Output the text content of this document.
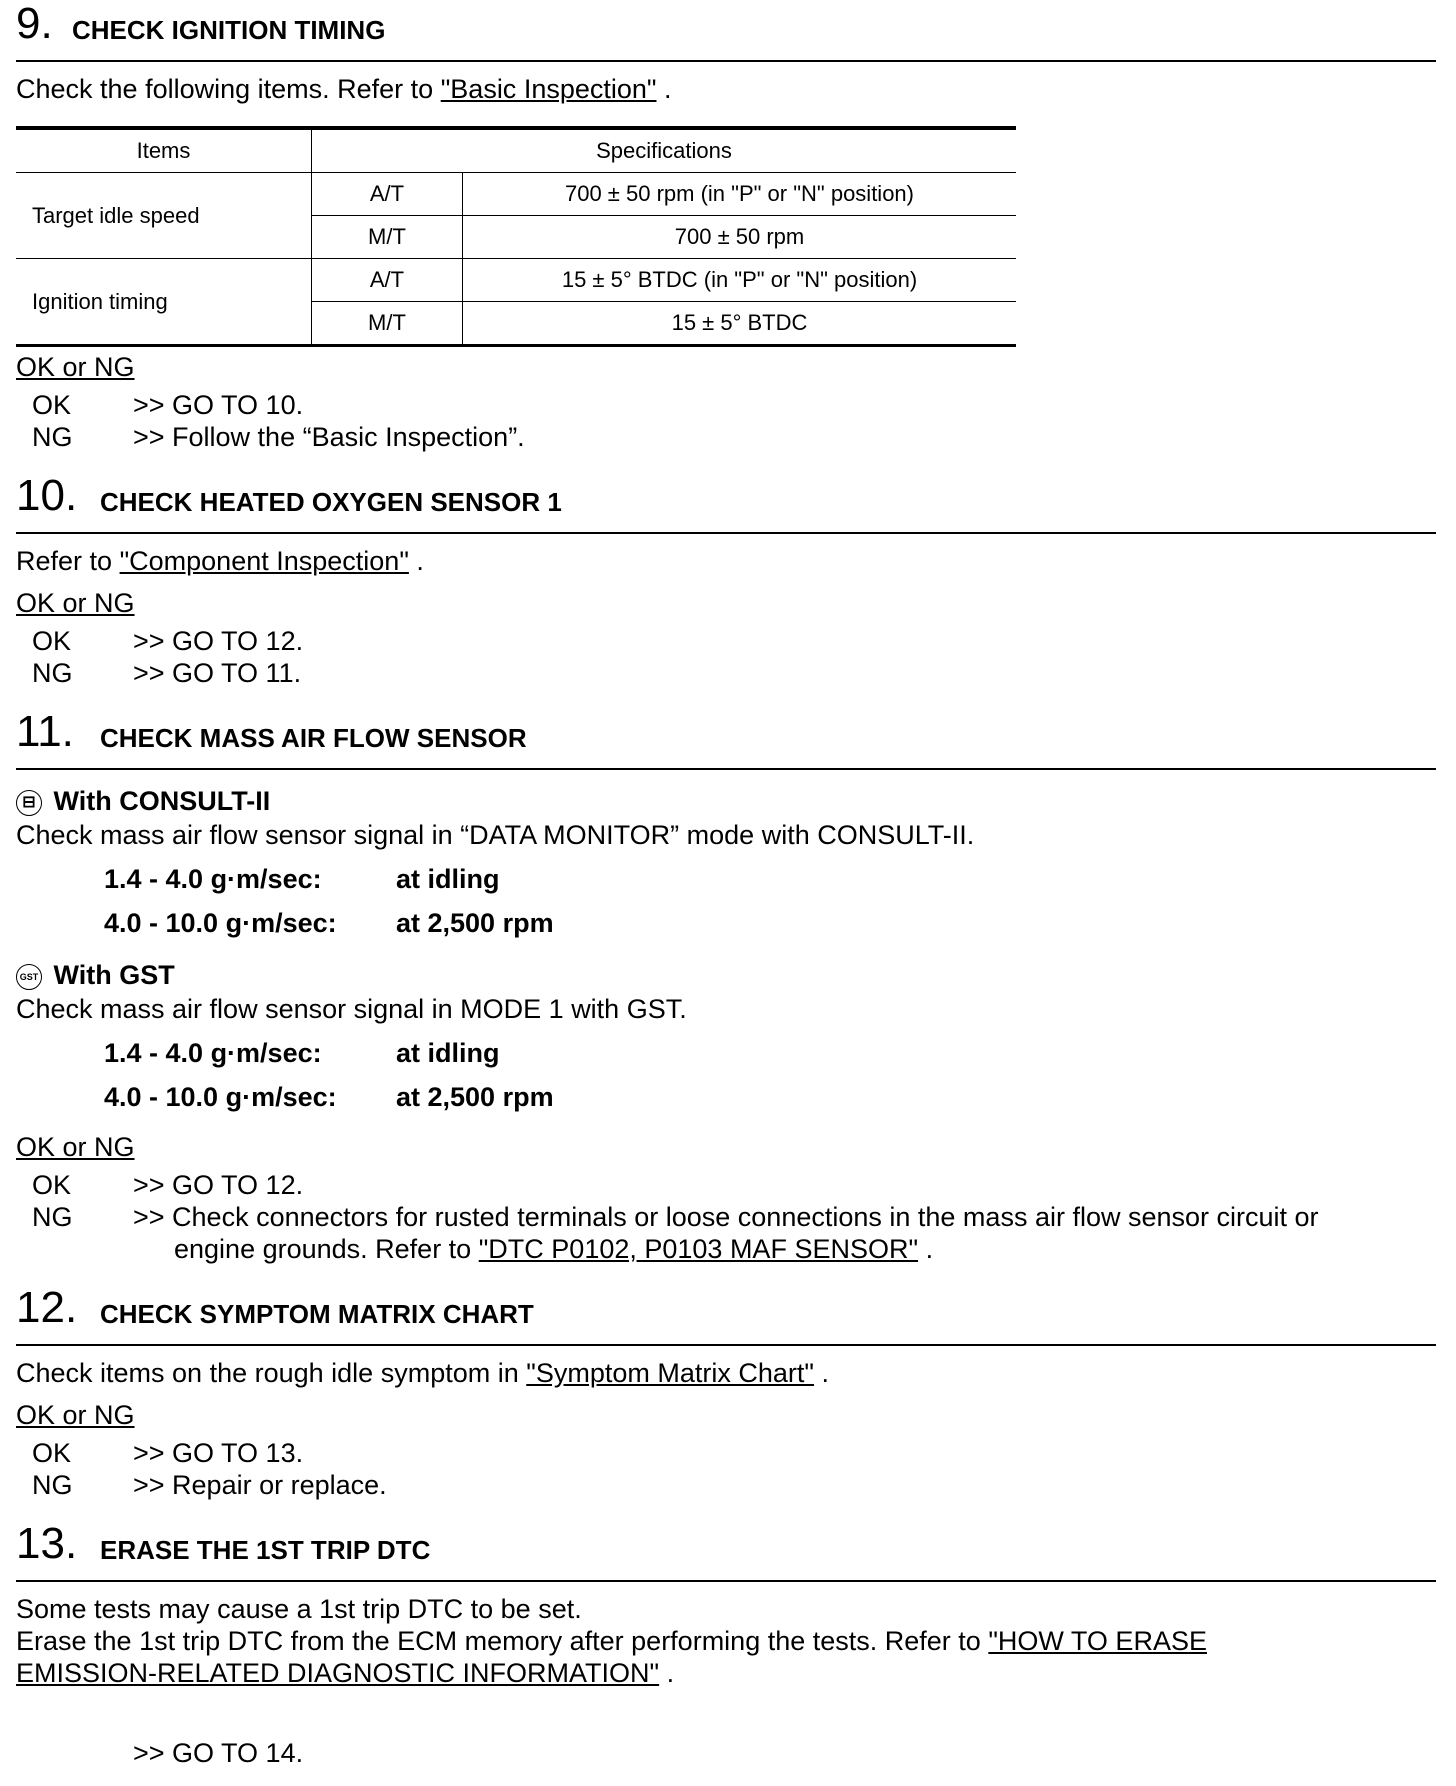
9. CHECK IGNITION TIMING
Check the following items. Refer to "Basic Inspection" .
Items	Specifications	
Target idle speed	A/T	700 ± 50 rpm (in "P" or "N" position)
	M/T	700 ± 50 rpm
Ignition timing	A/T	15 ± 5° BTDC (in "P" or "N" position)
	M/T	15 ± 5° BTDC
OK or NG
OK >> GO TO 10.
NG >> Follow the “Basic Inspection”.
10. CHECK HEATED OXYGEN SENSOR 1
Refer to "Component Inspection" .
OK or NG
OK >> GO TO 12.
NG >> GO TO 11.
11. CHECK MASS AIR FLOW SENSOR
⊟ With CONSULT-II
Check mass air flow sensor signal in “DATA MONITOR” mode with CONSULT-II.
1.4 - 4.0 g·m/sec:	at idling
4.0 - 10.0 g·m/sec: at 2,500 rpm
GST With GST
Check mass air flow sensor signal in MODE 1 with GST.
1.4 - 4.0 g·m/sec:	at idling
4.0 - 10.0 g·m/sec: at 2,500 rpm
OK or NG
OK >> GO TO 12.
NG >> Check connectors for rusted terminals or loose connections in the mass air flow sensor circuit or
engine grounds. Refer to "DTC P0102, P0103 MAF SENSOR" .
12. CHECK SYMPTOM MATRIX CHART
Check items on the rough idle symptom in "Symptom Matrix Chart" .
OK or NG
OK >> GO TO 13.
NG >> Repair or replace.
13. ERASE THE 1ST TRIP DTC
Some tests may cause a 1st trip DTC to be set.
Erase the 1st trip DTC from the ECM memory after performing the tests. Refer to "HOW TO ERASE
EMISSION-RELATED DIAGNOSTIC INFORMATION" .
>> GO TO 14.
